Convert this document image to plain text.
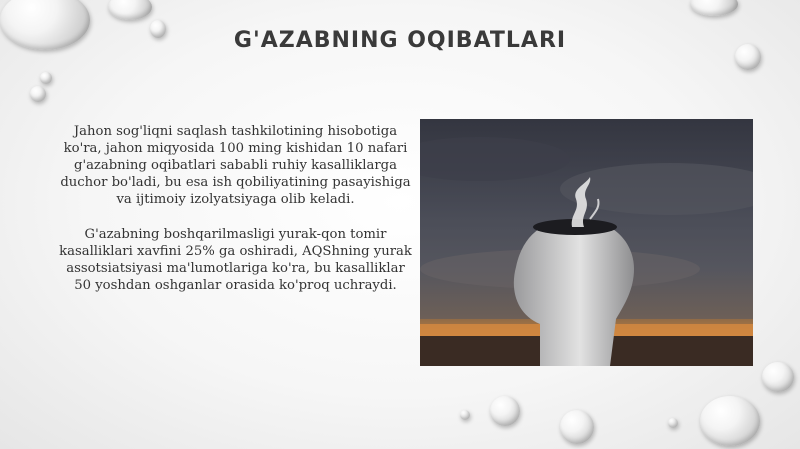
G'AZABNING OQIBATLARI

Jahon sog'liqni saqlash tashkilotining hisobotiga ko'ra, jahon miqyosida 100 ming kishidan 10 nafari g'azabning oqibatlari sababli ruhiy kasalliklarga duchor bo'ladi, bu esa ish qobiliyatining pasayishiga va ijtimoiy izolyatsiyaga olib keladi.

G'azabning boshqarilmasligi yurak-qon tomir kasalliklari xavfini 25% ga oshiradi, AQShning yurak assotsiatsiyasi ma'lumotlariga ko'ra, bu kasalliklar 50 yoshdan oshganlar orasida ko'proq uchraydi.
